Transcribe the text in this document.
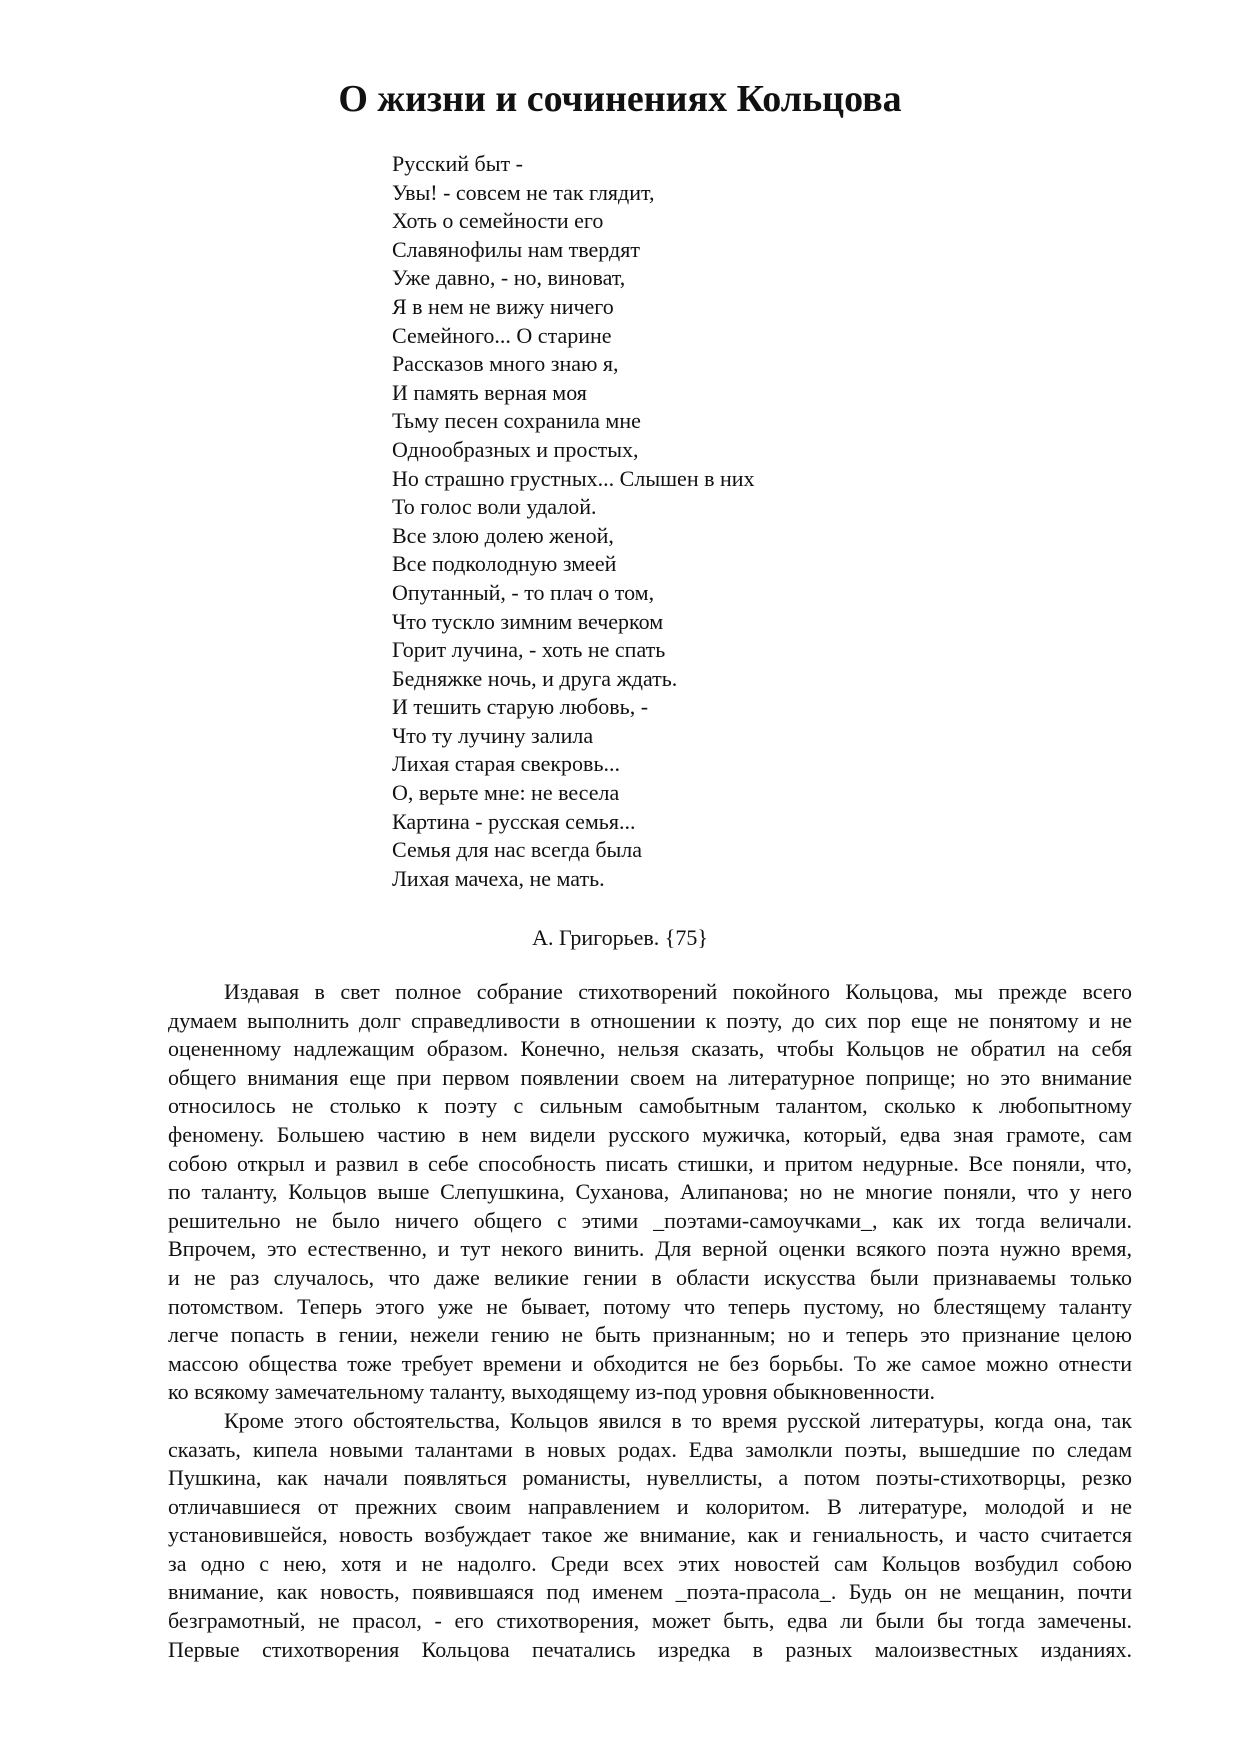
О жизни и сочинениях Кольцова
Русский быт -
Увы! - совсем не так глядит,
Хоть о семейности его
Славянофилы нам твердят
Уже давно, - но, виноват,
Я в нем не вижу ничего
Семейного... О старине
Рассказов много знаю я,
И память верная моя
Тьму песен сохранила мне
Однообразных и простых,
Но страшно грустных... Слышен в них
То голос воли удалой.
Все злою долею женой,
Все подколодную змеей
Опутанный, - то плач о том,
Что тускло зимним вечерком
Горит лучина, - хоть не спать
Бедняжке ночь, и друга ждать.
И тешить старую любовь, -
Что ту лучину залила
Лихая старая свекровь...
О, верьте мне: не весела
Картина - русская семья...
Семья для нас всегда была
Лихая мачеха, не мать.

А. Григорьев. {75}

Издавая в свет полное собрание стихотворений покойного Кольцова, мы прежде всего
думаем выполнить долг справедливости в отношении к поэту, до сих пор еще не понятому и не
оцененному надлежащим образом. Конечно, нельзя сказать, чтобы Кольцов не обратил на себя
общего внимания еще при первом появлении своем на литературное поприще; но это внимание
относилось не столько к поэту с сильным самобытным талантом, сколько к любопытному
феномену. Большею частию в нем видели русского мужичка, который, едва зная грамоте, сам
собою открыл и развил в себе способность писать стишки, и притом недурные. Все поняли, что,
по таланту, Кольцов выше Слепушкина, Суханова, Алипанова; но не многие поняли, что у него
решительно не было ничего общего с этими _поэтами-самоучками_, как их тогда величали.
Впрочем, это естественно, и тут некого винить. Для верной оценки всякого поэта нужно время,
и не раз случалось, что даже великие гении в области искусства были признаваемы только
потомством. Теперь этого уже не бывает, потому что теперь пустому, но блестящему таланту
легче попасть в гении, нежели гению не быть признанным; но и теперь это признание целою
массою общества тоже требует времени и обходится не без борьбы. То же самое можно отнести
ко всякому замечательному таланту, выходящему из-под уровня обыкновенности.
Кроме этого обстоятельства, Кольцов явился в то время русской литературы, когда она, так
сказать, кипела новыми талантами в новых родах. Едва замолкли поэты, вышедшие по следам
Пушкина, как начали появляться романисты, нувеллисты, а потом поэты-стихотворцы, резко
отличавшиеся от прежних своим направлением и колоритом. В литературе, молодой и не
установившейся, новость возбуждает такое же внимание, как и гениальность, и часто считается
за одно с нею, хотя и не надолго. Среди всех этих новостей сам Кольцов возбудил собою
внимание, как новость, появившаяся под именем _поэта-прасола_. Будь он не мещанин, почти
безграмотный, не прасол, - его стихотворения, может быть, едва ли были бы тогда замечены.
Первые стихотворения Кольцова печатались изредка в разных малоизвестных изданиях.
